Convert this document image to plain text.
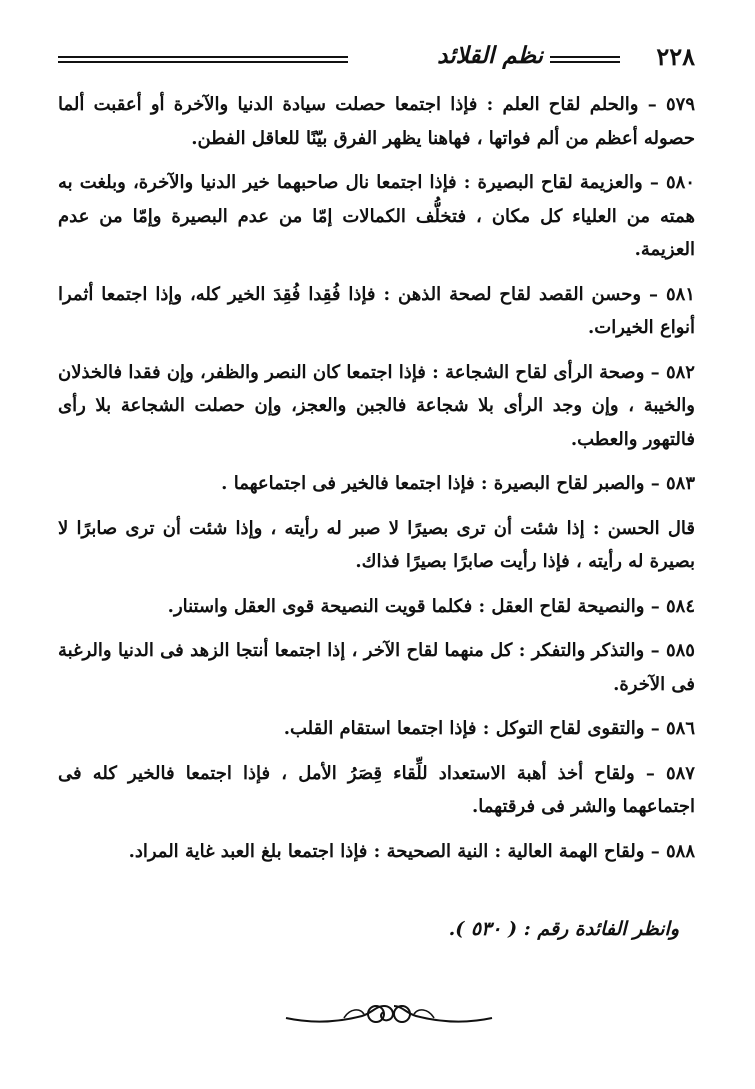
٢٢٨
نظم القلائد

٥٧٩ – والحلم لقاح العلم : فإذا اجتمعا حصلت سيادة الدنيا والآخرة أو أعقبت ألما حصوله أعظم من ألم فواتها ، فهاهنا يظهر الفرق بيّنًا للعاقل الفطن.

٥٨٠ – والعزيمة لقاح البصيرة : فإذا اجتمعا نال صاحبهما خير الدنيا والآخرة، وبلغت به همته من العلياء كل مكان ، فتخلُّف الكمالات إمّا من عدم البصيرة وإمّا من عدم العزيمة.

٥٨١ – وحسن القصد لقاح لصحة الذهن : فإذا فُقِدا فُقِدَ الخير كله، وإذا اجتمعا أثمرا أنواع الخيرات.

٥٨٢ – وصحة الرأى لقاح الشجاعة : فإذا اجتمعا كان النصر والظفر، وإن فقدا فالخذلان والخيبة ، وإن وجد الرأى بلا شجاعة فالجبن والعجز، وإن حصلت الشجاعة بلا رأى فالتهور والعطب.

٥٨٣ – والصبر لقاح البصيرة : فإذا اجتمعا فالخير فى اجتماعهما .

قال الحسن : إذا شئت أن ترى بصيرًا لا صبر له رأيته ، وإذا شئت أن ترى صابرًا لا بصيرة له رأيته ، فإذا رأيت صابرًا بصيرًا فذاك.

٥٨٤ – والنصيحة لقاح العقل : فكلما قويت النصيحة قوى العقل واستنار.

٥٨٥ – والتذكر والتفكر : كل منهما لقاح الآخر ، إذا اجتمعا أنتجا الزهد فى الدنيا والرغبة فى الآخرة.

٥٨٦ – والتقوى لقاح التوكل : فإذا اجتمعا استقام القلب.

٥٨٧ – ولقاح أخذ أهبة الاستعداد للِّقاء قِصَرُ الأمل ، فإذا اجتمعا فالخير كله فى اجتماعهما والشر فى فرقتهما.

٥٨٨ – ولقاح الهمة العالية : النية الصحيحة : فإذا اجتمعا بلغ العبد غاية المراد.

وانظر الفائدة رقم : ( ٥٣٠ ).
